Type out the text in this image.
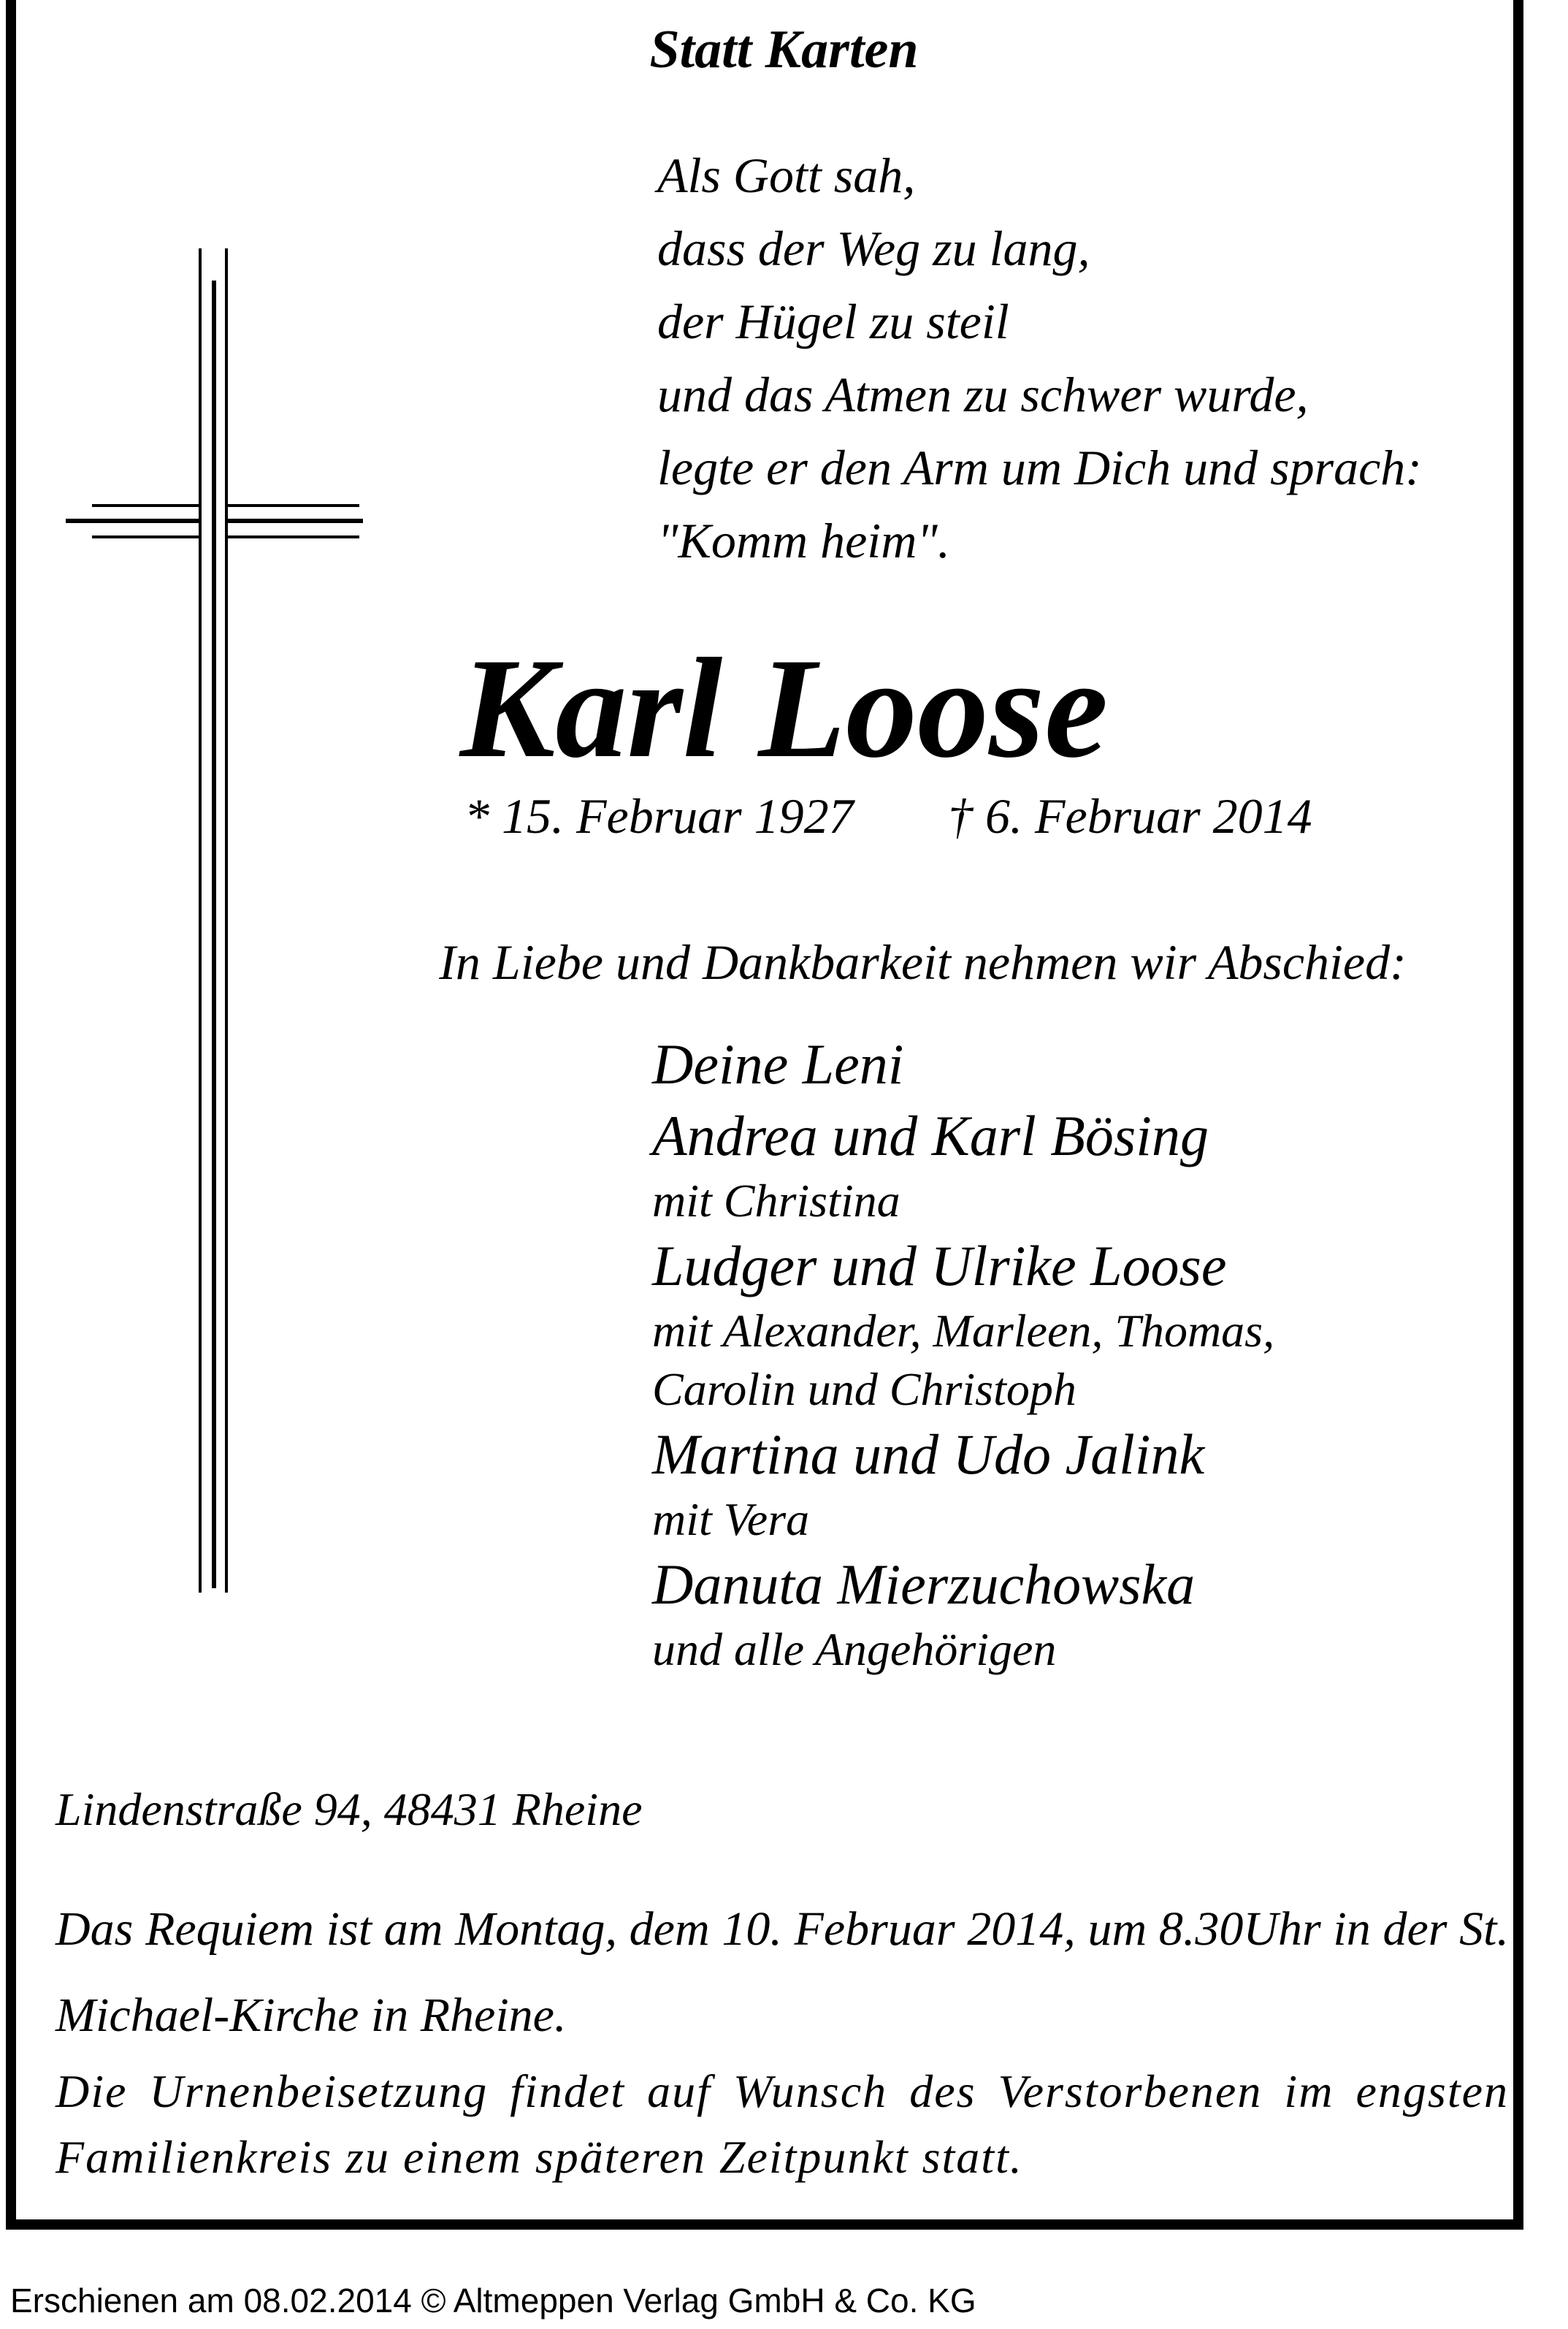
Statt Karten
Als Gott sah,
dass der Weg zu lang,
der Hügel zu steil
und das Atmen zu schwer wurde,
legte er den Arm um Dich und sprach:
"Komm heim".
Karl Loose
* 15. Februar 1927 † 6. Februar 2014
In Liebe und Dankbarkeit nehmen wir Abschied:
Deine Leni
Andrea und Karl Bösing
mit Christina
Ludger und Ulrike Loose
mit Alexander, Marleen, Thomas,
Carolin und Christoph
Martina und Udo Jalink
mit Vera
Danuta Mierzuchowska
und alle Angehörigen
Lindenstraße 94, 48431 Rheine
Das Requiem ist am Montag, dem 10. Februar 2014, um 8.30Uhr in der St. Michael-Kirche in Rheine.
Die Urnenbeisetzung findet auf Wunsch des Verstorbenen im engsten Familienkreis zu einem späteren Zeitpunkt statt.
Erschienen am 08.02.2014 © Altmeppen Verlag GmbH & Co. KG
